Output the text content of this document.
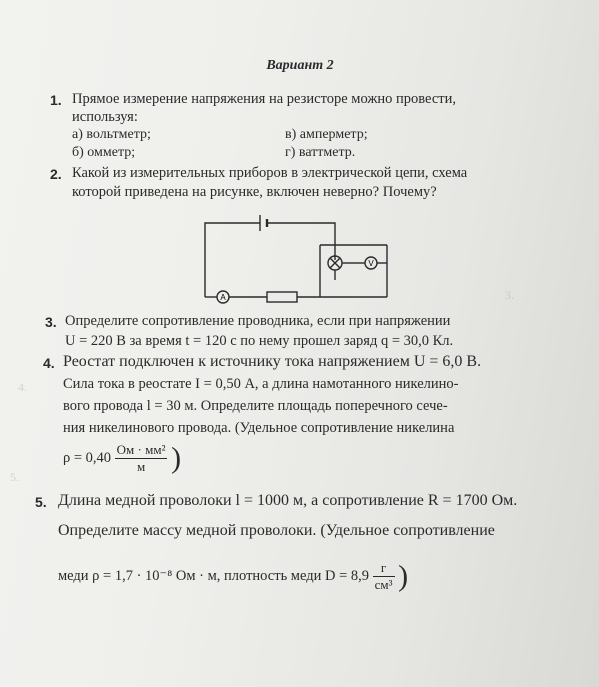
3.
4.
5.
Вариант 2
1. Прямое измерение напряжения на резисторе можно провести,
используя:
а) вольтметр;
б) омметр;
в) амперметр;
г) ваттметр.
2. Какой из измерительных приборов в электрической цепи, схема
которой приведена на рисунке, включен неверно? Почему?
A
V
3. Определите сопротивление проводника, если при напряжении
U = 220 В за время t = 120 с по нему прошел заряд q = 30,0 Кл.
4. Реостат подключен к источнику тока напряжением U = 6,0 В.
Сила тока в реостате I = 0,50 А, а длина намотанного никелино-
вого провода l = 30 м. Определите площадь поперечного сече-
ния никелинового провода. (Удельное сопротивление никелина
$\rho = 0,40 \frac{\text{Ом · мм²}}{м}$ )
5. Длина медной проволоки l = 1000 м, а сопротивление R = 1700 Ом.
Определите массу медной проволоки. (Удельное сопротивление
меди ρ = 1,7 · 10⁻⁸ Ом · м, плотность меди $D = 8,9 \frac{г}{\text{см³}}$ )
